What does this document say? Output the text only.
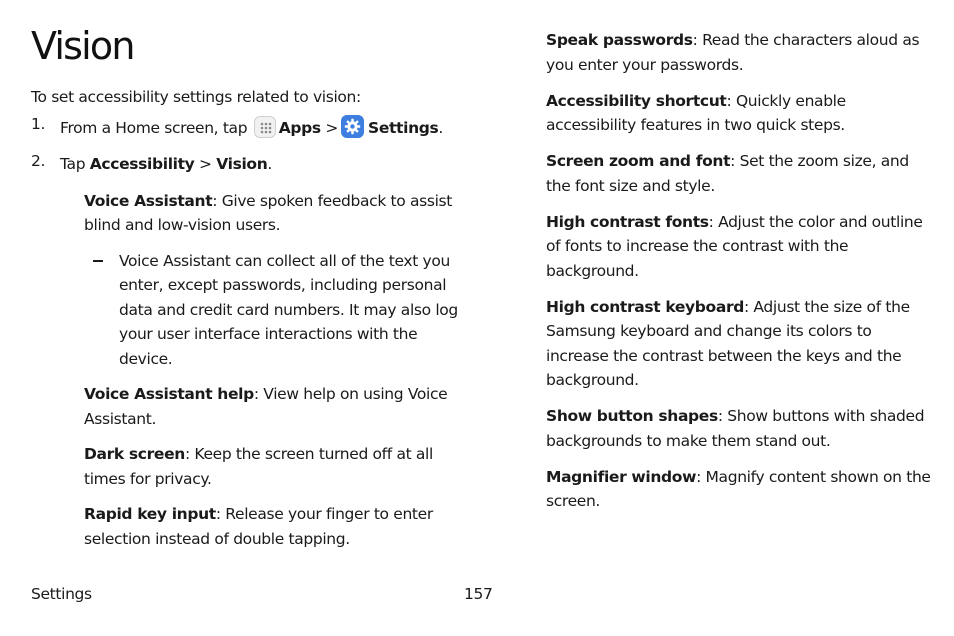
Vision

To set accessibility settings related to vision:

1. From a Home screen, tap Apps > Settings.
2. Tap Accessibility > Vision.

Voice Assistant: Give spoken feedback to assist blind and low-vision users.

Voice Assistant can collect all of the text you enter, except passwords, including personal data and credit card numbers. It may also log your user interface interactions with the device.

Voice Assistant help: View help on using Voice Assistant.

Dark screen: Keep the screen turned off at all times for privacy.

Rapid key input: Release your finger to enter selection instead of double tapping.

Speak passwords: Read the characters aloud as you enter your passwords.

Accessibility shortcut: Quickly enable accessibility features in two quick steps.

Screen zoom and font: Set the zoom size, and the font size and style.

High contrast fonts: Adjust the color and outline of fonts to increase the contrast with the background.

High contrast keyboard: Adjust the size of the Samsung keyboard and change its colors to increase the contrast between the keys and the background.

Show button shapes: Show buttons with shaded backgrounds to make them stand out.

Magnifier window: Magnify content shown on the screen.

Settings	157
